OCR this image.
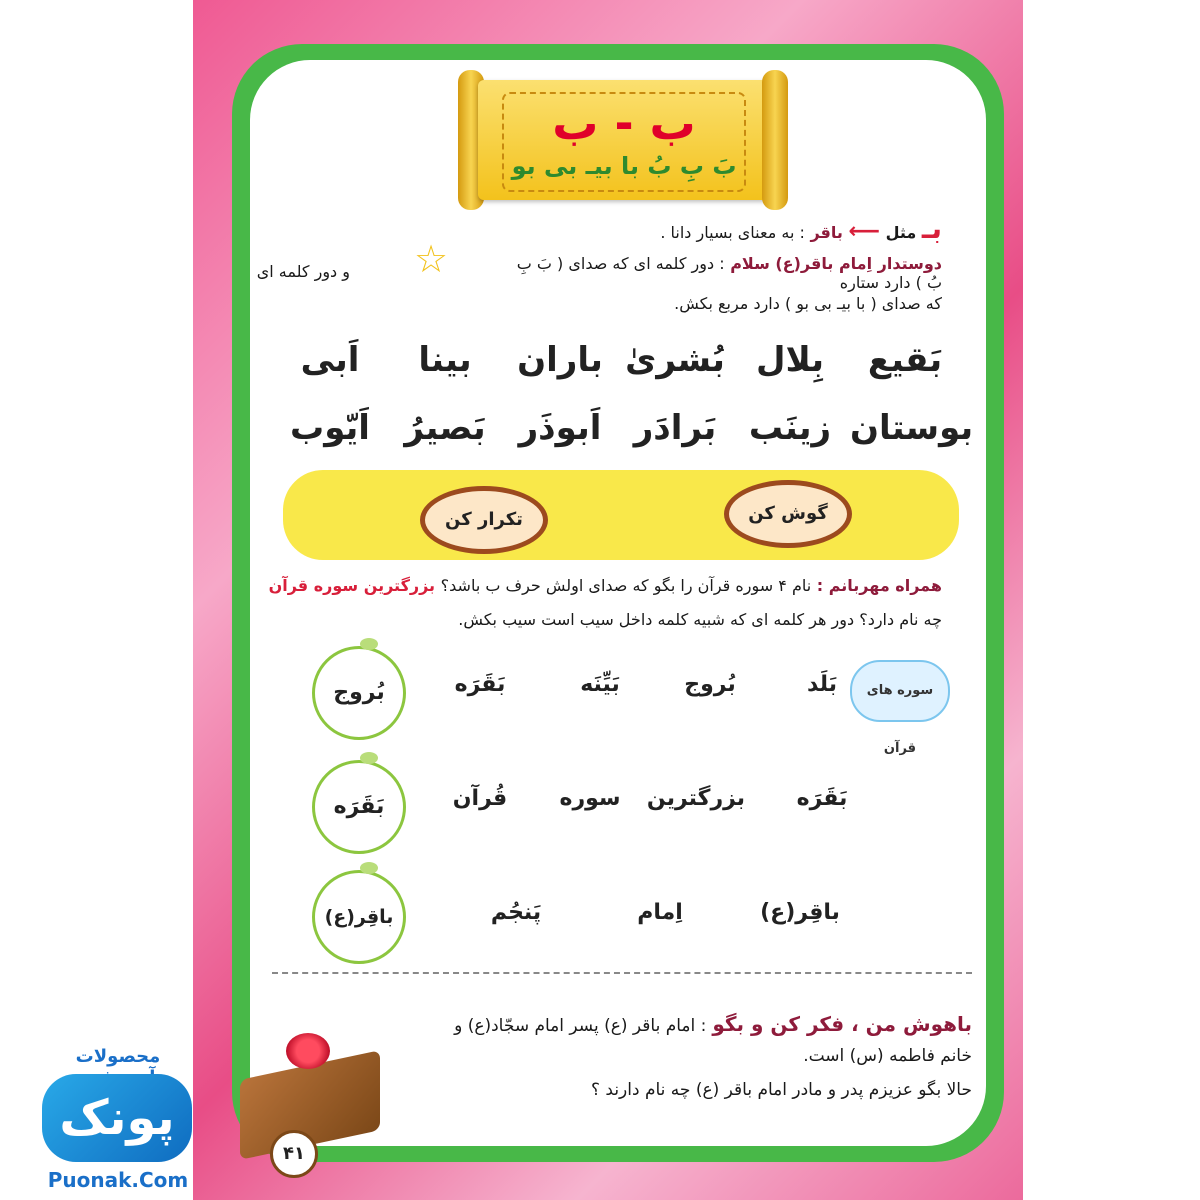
ب - ب
بَ بِ بُ با بیـ بی بو
بـ مثل ⟵ باقر : به معنای بسیار دانا .
دوستدار اِمام باقر(ع) سلام : دور کلمه ای که صدای ( بَ بِ بُ ) دارد ستاره
☆
و دور کلمه ای
که صدای ( با بیـ بی بو ) دارد مربع بکش.
بَقیع
بِلال
بُشریٰ
باران
بینا
اَبی
بوستان
زینَب
بَرادَر
اَبوذَر
بَصیرُ
اَیّوب
گوش کن
تکرار کن
همراه مهربانم : نام ۴ سوره قرآن را بگو که صدای اولش حرف ب باشد؟ بزرگترین سوره قرآن
چه نام دارد؟ دور هر کلمه ای که شبیه کلمه داخل سیب است سیب بکش.
سوره های قرآن
بَلَد
بُروج
بَیِّنَه
بَقَرَه
بُروج
بَقَرَه
بزرگترین
سوره
قُرآن
بَقَرَه
باقِر(ع)
اِمام
پَنجُم
باقِر(ع)
باهوش من ، فکر کن و بگو : امام باقر (ع) پسر امام سجّاد(ع) و
خانم فاطمه (س) است.
حالا بگو عزیزم پدر و مادر امام باقر (ع) چه نام دارند ؟
۴۱
محصولات
پونک
Puonak.Com
